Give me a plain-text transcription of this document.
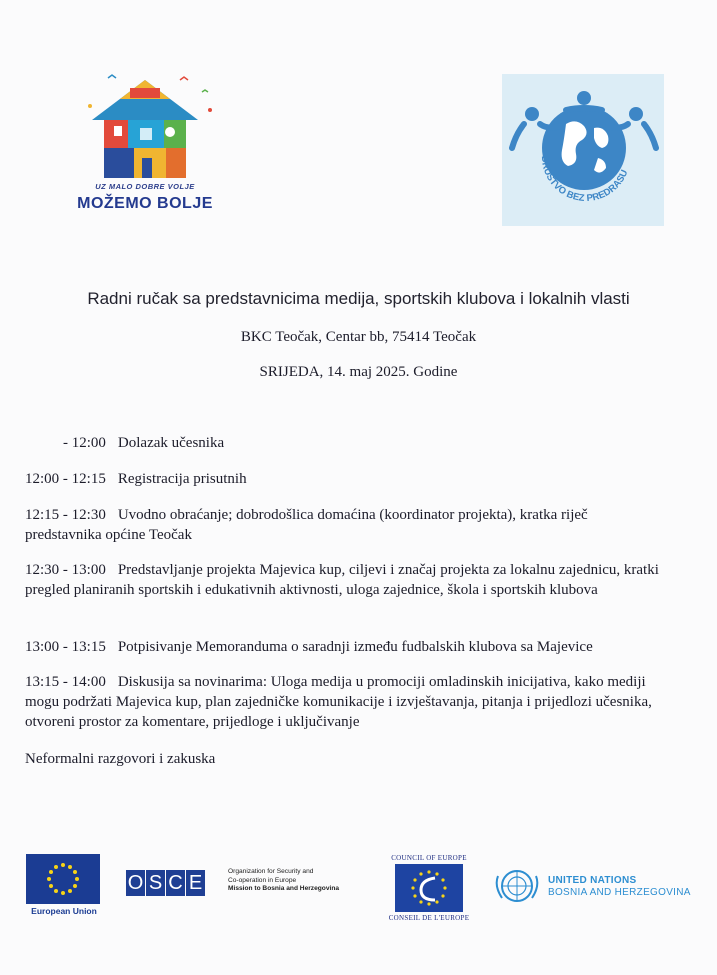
UZ MALO DOBRE VOLJE
MOŽEMO BOLJE
DRUŠTVO BEZ PREDRASU
Radni ručak sa predstavnicima medija, sportskih klubova i lokalnih vlasti
BKC Teočak, Centar bb, 75414 Teočak
SRIJEDA, 14. maj 2025. Godine
- 12:00 Dolazak učesnika
12:00 - 12:15 Registracija prisutnih
12:15 - 12:30 Uvodno obraćanje; dobrodošlica domaćina (koordinator projekta), kratka riječ predstavnika općine Teočak
12:30 - 13:00 Predstavljanje projekta Majevica kup, ciljevi i značaj projekta za lokalnu zajednicu, kratki pregled planiranih sportskih i edukativnih aktivnosti, uloga zajednice, škola i sportskih klubova
13:00 - 13:15 Potpisivanje Memoranduma o saradnji između fudbalskih klubova sa Majevice
13:15 - 14:00 Diskusija sa novinarima: Uloga medija u promociji omladinskih inicijativa, kako mediji mogu podržati Majevica kup, plan zajedničke komunikacije i izvještavanja, pitanja i prijedlozi učesnika, otvoreni prostor za komentare, prijedloge i uključivanje
Neformalni razgovori i zakuska
European Union
O S C E
Organization for Security and
Co-operation in Europe
Mission to Bosnia and Herzegovina
COUNCIL OF EUROPE
CONSEIL DE L'EUROPE
UNITED NATIONS
BOSNIA AND HERZEGOVINA
